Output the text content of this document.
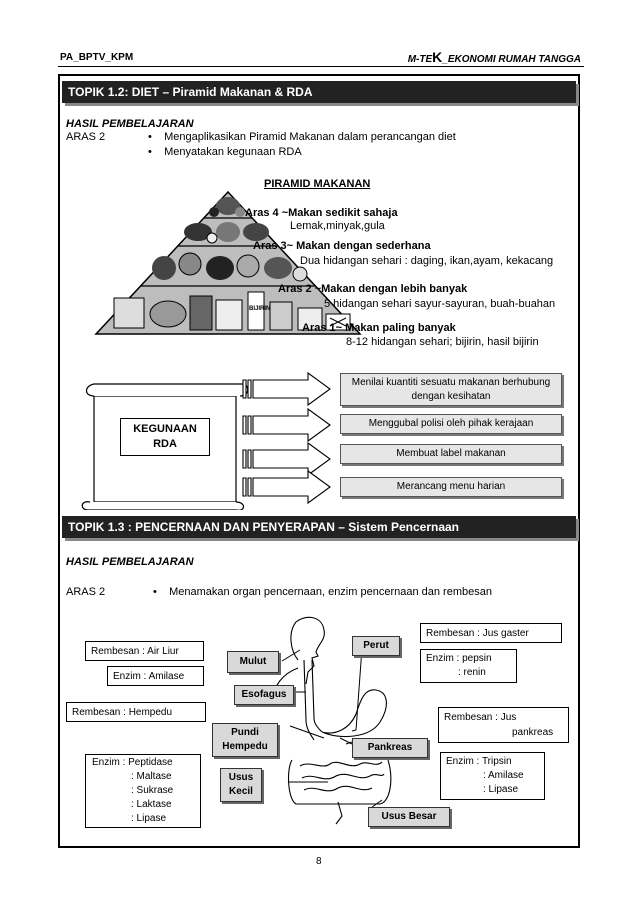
PA_BPTV_KPM	M-TEK_EKONOMI RUMAH TANGGA
TOPIK 1.2: DIET – Piramid Makanan & RDA
HASIL PEMBELAJARAN
ARAS 2	•    Mengaplikasikan Piramid Makanan dalam perancangan diet
•    Menyatakan kegunaan RDA
PIRAMID MAKANAN
BIJIRIN
Aras 4 ~Makan sedikit sahaja
Lemak,minyak,gula
Aras 3~ Makan dengan sederhana
Dua hidangan sehari : daging, ikan,ayam, kekacang
Aras 2 ~Makan dengan lebih banyak
5 hidangan sehari sayur-sayuran, buah-buahan
Aras 1~ Makan paling banyak
8-12 hidangan sehari; bijirin, hasil bijirin
KEGUNAAN
RDA
Menilai kuantiti sesuatu makanan berhubung dengan kesihatan
Menggubal polisi oleh pihak kerajaan
Membuat label makanan
Merancang menu harian
TOPIK 1.3 : PENCERNAAN DAN PENYERAPAN – Sistem Pencernaan
HASIL PEMBELAJARAN
ARAS 2	•    Menamakan organ pencernaan, enzim pencernaan dan rembesan
Rembesan : Air Liur
Enzim : Amilase
Rembesan : Hempedu
Enzim : Peptidase
: Maltase
: Sukrase
: Laktase
: Lipase
Mulut
Esofagus
Pundi
Hempedu
Usus
Kecil
Perut
Pankreas
Usus Besar
Rembesan : Jus gaster
Enzim : pepsin
: renin
Rembesan : Jus
pankreas
Enzim : Tripsin
: Amilase
: Lipase
8
